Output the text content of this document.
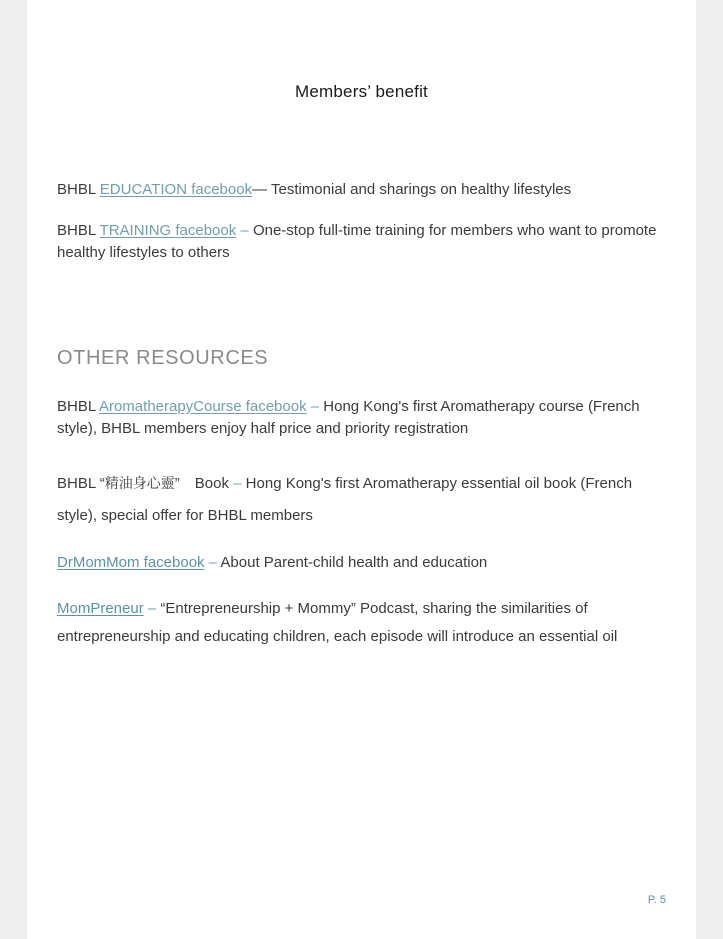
Members’ benefit

BHBL EDUCATION facebook— Testimonial and sharings on healthy lifestyles

BHBL TRAINING facebook – One-stop full-time training for members who want to promote healthy lifestyles to others

OTHER RESOURCES

BHBL AromatherapyCourse facebook – Hong Kong's first Aromatherapy course (French style), BHBL members enjoy half price and priority registration

BHBL “精油身心靈”　Book – Hong Kong's first Aromatherapy essential oil book (French style), special offer for BHBL members

DrMomMom facebook – About Parent-child health and education

MomPreneur – “Entrepreneurship + Mommy” Podcast, sharing the similarities of entrepreneurship and educating children, each episode will introduce an essential oil

P. 5
